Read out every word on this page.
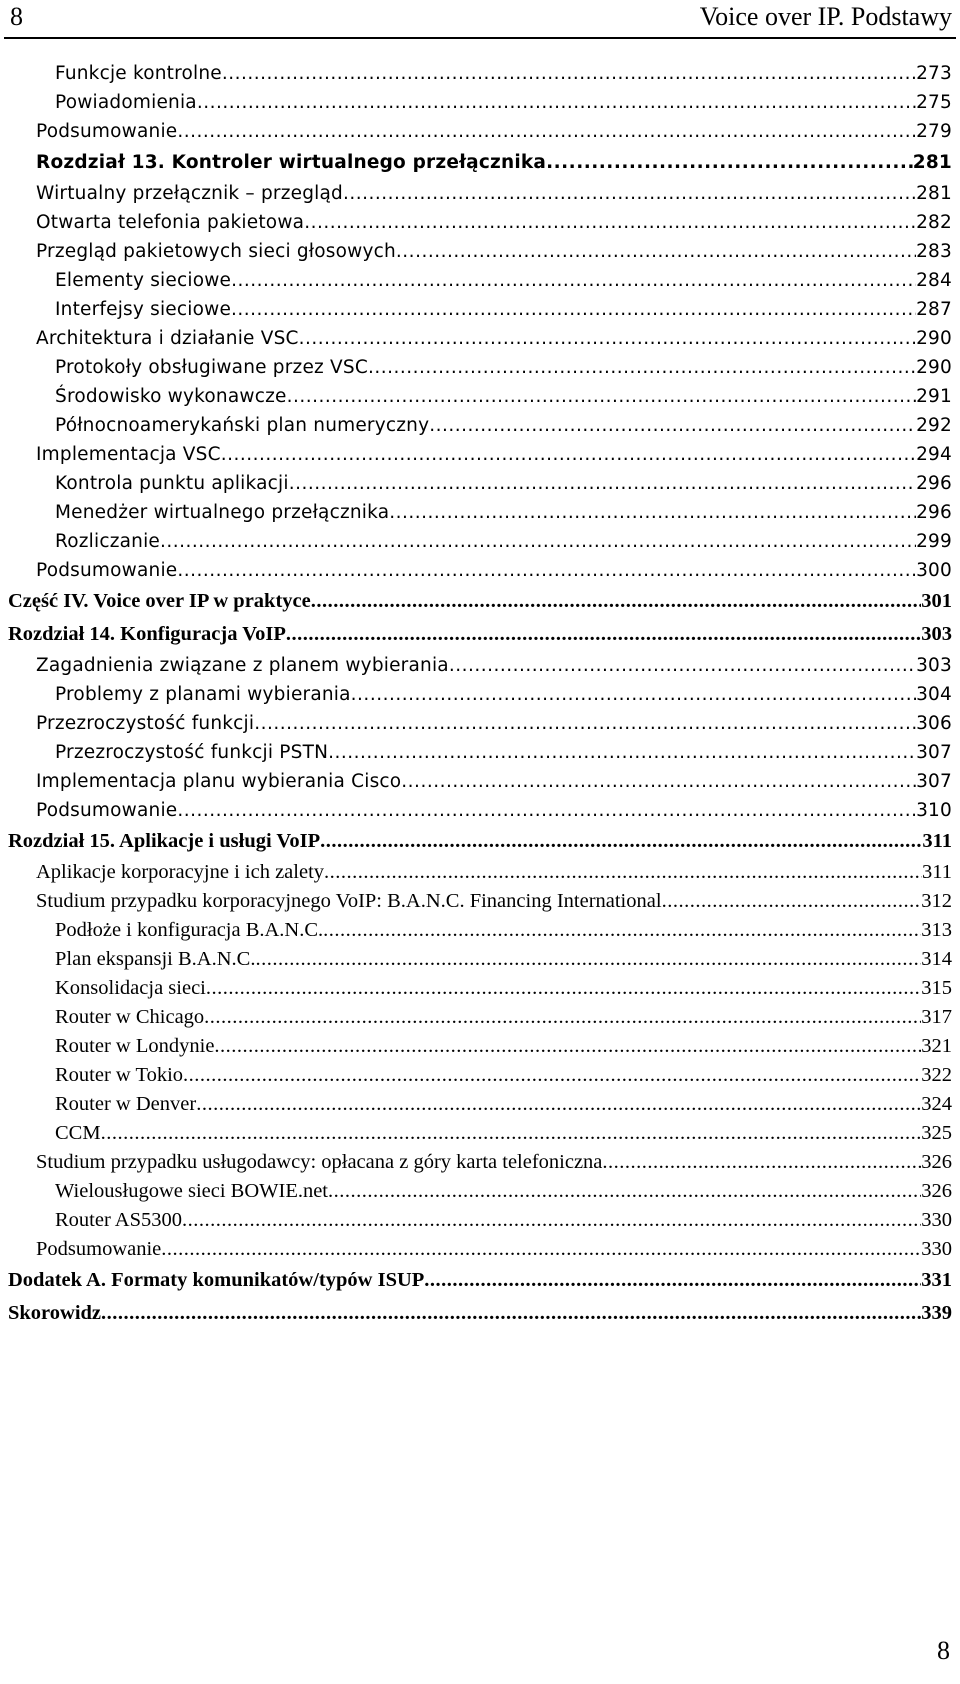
8	Voice over IP. Podstawy
Funkcje kontrolne .....	273
Powiadomienia .....	275
Podsumowanie .....	279
Rozdział 13. Kontroler wirtualnego przełącznika .....	281
Wirtualny przełącznik – przegląd .....	281
Otwarta telefonia pakietowa .....	282
Przegląd pakietowych sieci głosowych .....	283
Elementy sieciowe .....	284
Interfejsy sieciowe .....	287
Architektura i działanie VSC .....	290
Protokoły obsługiwane przez VSC .....	290
Środowisko wykonawcze .....	291
Północnoamerykański plan numeryczny .....	292
Implementacja VSC .....	294
Kontrola punktu aplikacji .....	296
Menedżer wirtualnego przełącznika .....	296
Rozliczanie .....	299
Podsumowanie .....	300
Część IV. Voice over IP w praktyce .....	301
Rozdział 14. Konfiguracja VoIP .....	303
Zagadnienia związane z planem wybierania .....	303
Problemy z planami wybierania .....	304
Przezroczystość funkcji .....	306
Przezroczystość funkcji PSTN .....	307
Implementacja planu wybierania Cisco .....	307
Podsumowanie .....	310
Rozdział 15. Aplikacje i usługi VoIP .....	311
Aplikacje korporacyjne i ich zalety .....	311
Studium przypadku korporacyjnego VoIP: B.A.N.C. Financing International .....	312
Podłoże i konfiguracja B.A.N.C. .....	313
Plan ekspansji B.A.N.C. .....	314
Konsolidacja sieci .....	315
Router w Chicago .....	317
Router w Londynie .....	321
Router w Tokio .....	322
Router w Denver .....	324
CCM .....	325
Studium przypadku usługodawcy: opłacana z góry karta telefoniczna .....	326
Wielousługowe sieci BOWIE.net .....	326
Router AS5300 .....	330
Podsumowanie .....	330
Dodatek A. Formaty komunikatów/typów ISUP .....	331
Skorowidz .....	339
8
